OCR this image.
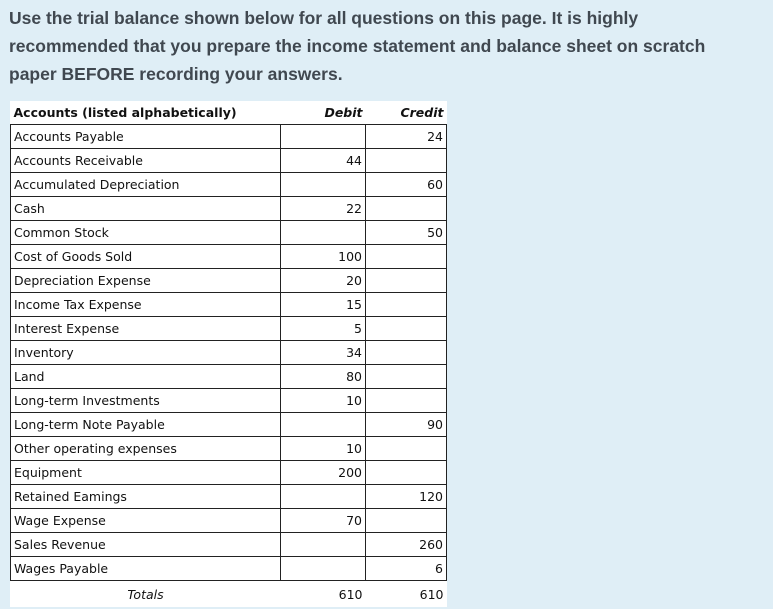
Use the trial balance shown below for all questions on this page. It is highly
recommended that you prepare the income statement and balance sheet on scratch
paper BEFORE recording your answers.
Accounts (listed alphabetically)	Debit	Credit
Accounts Payable		24
Accounts Receivable	44	
Accumulated Depreciation		60
Cash	22	
Common Stock		50
Cost of Goods Sold	100	
Depreciation Expense	20	
Income Tax Expense	15	
Interest Expense	5	
Inventory	34	
Land	80	
Long-term Investments	10	
Long-term Note Payable		90
Other operating expenses	10	
Equipment	200	
Retained Eamings		120
Wage Expense	70	
Sales Revenue		260
Wages Payable		6
Totals	610	610
